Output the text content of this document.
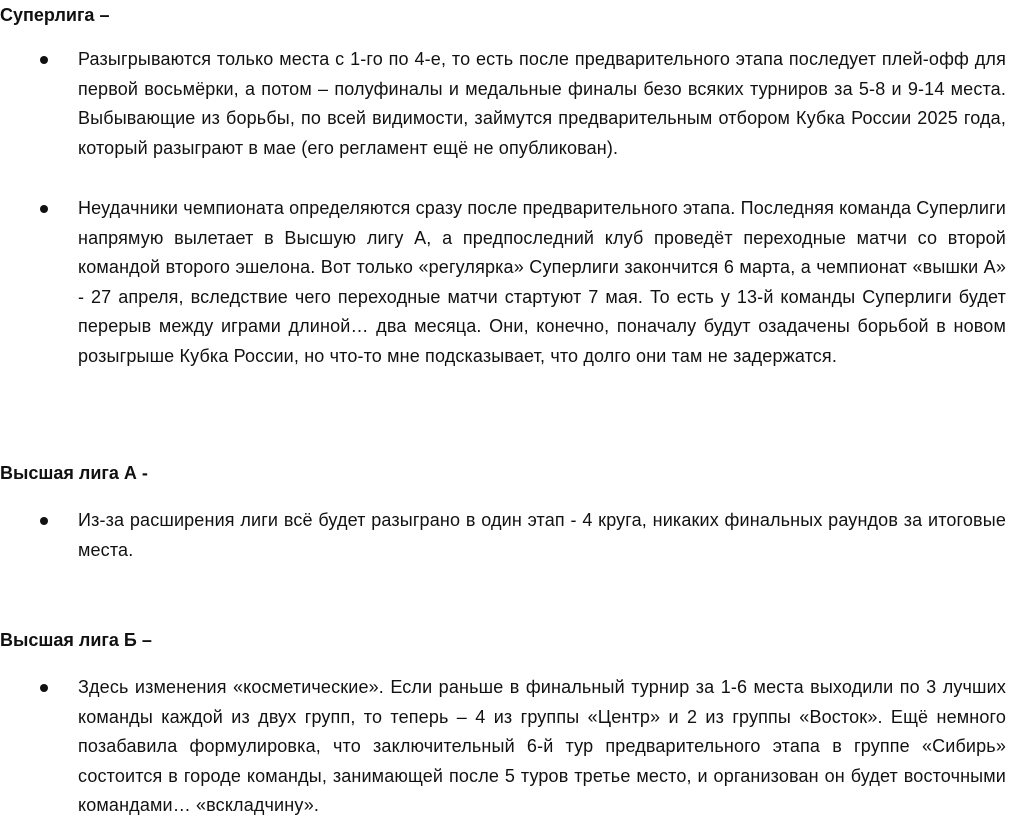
Суперлига –

Разыгрываются только места с 1-го по 4-е, то есть после предварительного этапа последует плей-офф для первой восьмёрки, а потом – полуфиналы и медальные финалы безо всяких турниров за 5-8 и 9-14 места. Выбывающие из борьбы, по всей видимости, займутся предварительным отбором Кубка России 2025 года, который разыграют в мае (его регламент ещё не опубликован).

Неудачники чемпионата определяются сразу после предварительного этапа. Последняя команда Суперлиги напрямую вылетает в Высшую лигу А, а предпоследний клуб проведёт переходные матчи со второй командой второго эшелона. Вот только «регулярка» Суперлиги закончится 6 марта, а чемпионат «вышки А» - 27 апреля, вследствие чего переходные матчи стартуют 7 мая. То есть у 13-й команды Суперлиги будет перерыв между играми длиной… два месяца. Они, конечно, поначалу будут озадачены борьбой в новом розыгрыше Кубка России, но что-то мне подсказывает, что долго они там не задержатся.

Высшая лига А -

Из-за расширения лиги всё будет разыграно в один этап - 4 круга, никаких финальных раундов за итоговые места.

Высшая лига Б –

Здесь изменения «косметические». Если раньше в финальный турнир за 1-6 места выходили по 3 лучших команды каждой из двух групп, то теперь – 4 из группы «Центр» и 2 из группы «Восток». Ещё немного позабавила формулировка, что заключительный 6-й тур предварительного этапа в группе «Сибирь» состоится в городе команды, занимающей после 5 туров третье место, и организован он будет восточными командами… «вскладчину».
